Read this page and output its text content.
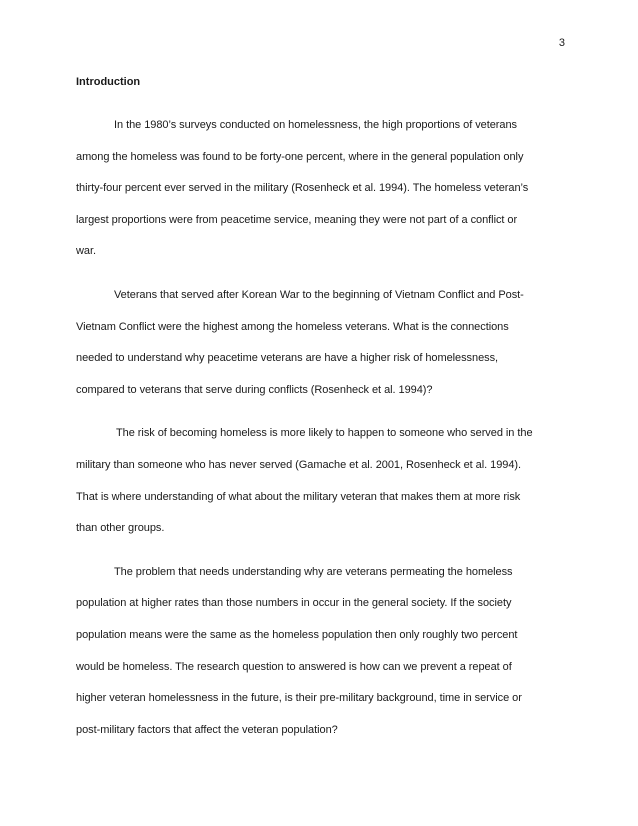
3
Introduction

In the 1980’s surveys conducted on homelessness, the high proportions of veterans
among the homeless was found to be forty-one percent, where in the general population only
thirty-four percent ever served in the military (Rosenheck et al. 1994). The homeless veteran’s
largest proportions were from peacetime service, meaning they were not part of a conflict or
war.

Veterans that served after Korean War to the beginning of Vietnam Conflict and Post-
Vietnam Conflict were the highest among the homeless veterans. What is the connections
needed to understand why peacetime veterans are have a higher risk of homelessness,
compared to veterans that serve during conflicts (Rosenheck et al. 1994)?

The risk of becoming homeless is more likely to happen to someone who served in the
military than someone who has never served (Gamache et al. 2001, Rosenheck et al. 1994).
That is where understanding of what about the military veteran that makes them at more risk
than other groups.

The problem that needs understanding why are veterans permeating the homeless
population at higher rates than those numbers in occur in the general society. If the society
population means were the same as the homeless population then only roughly two percent
would be homeless. The research question to answered is how can we prevent a repeat of
higher veteran homelessness in the future, is their pre-military background, time in service or
post-military factors that affect the veteran population?
